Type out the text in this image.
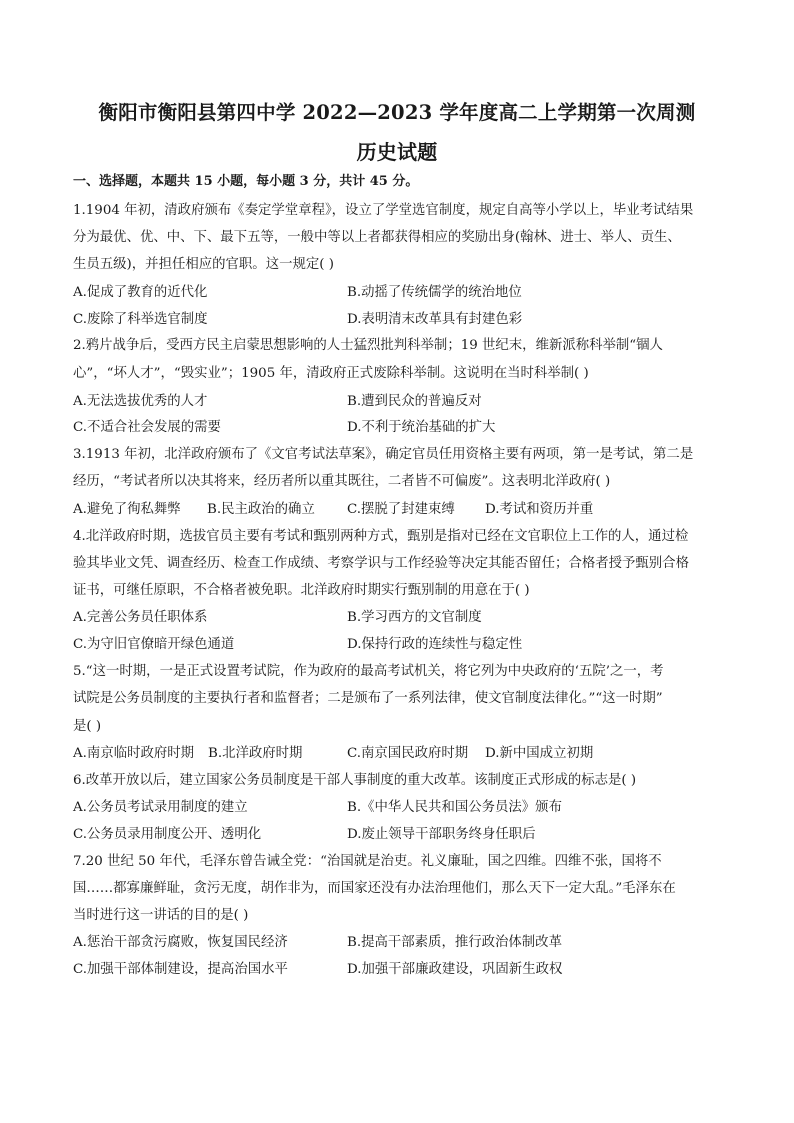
衡阳市衡阳县第四中学 2022—2023 学年度高二上学期第一次周测
历史试题
一、选择题，本题共 15 小题，每小题 3 分，共计 45 分。
1.1904 年初，清政府颁布《奏定学堂章程》，设立了学堂选官制度，规定自高等小学以上，毕业考试结果
分为最优、优、中、下、最下五等，一般中等以上者都获得相应的奖励出身(翰林、进士、举人、贡生、
生员五级)，并担任相应的官职。这一规定( )
A.促成了教育的近代化	B.动摇了传统儒学的统治地位
C.废除了科举选官制度	D.表明清末改革具有封建色彩
2.鸦片战争后，受西方民主启蒙思想影响的人士猛烈批判科举制；19 世纪末，维新派称科举制“锢人
心”，“坏人才”，“毁实业”；1905 年，清政府正式废除科举制。这说明在当时科举制( )
A.无法选拔优秀的人才	B.遭到民众的普遍反对
C.不适合社会发展的需要	D.不利于统治基础的扩大
3.1913 年初，北洋政府颁布了《文官考试法草案》，确定官员任用资格主要有两项，第一是考试，第二是
经历，“考试者所以决其将来，经历者所以重其既往，二者皆不可偏废”。这表明北洋政府( )
A.避免了徇私舞弊 B.民主政治的确立 C.摆脱了封建束缚 D.考试和资历并重
4.北洋政府时期，选拔官员主要有考试和甄别两种方式，甄别是指对已经在文官职位上工作的人，通过检
验其毕业文凭、调查经历、检查工作成绩、考察学识与工作经验等决定其能否留任；合格者授予甄别合格
证书，可继任原职，不合格者被免职。北洋政府时期实行甄别制的用意在于( )
A.完善公务员任职体系	B.学习西方的文官制度
C.为守旧官僚暗开绿色通道	D.保持行政的连续性与稳定性
5.“这一时期，一是正式设置考试院，作为政府的最高考试机关，将它列为中央政府的‘五院’之一，考
试院是公务员制度的主要执行者和监督者；二是颁布了一系列法律，使文官制度法律化。”“这一时期”
是( )
A.南京临时政府时期 B.北洋政府时期	C.南京国民政府时期 D.新中国成立初期
6.改革开放以后，建立国家公务员制度是干部人事制度的重大改革。该制度正式形成的标志是( )
A.公务员考试录用制度的建立	B.《中华人民共和国公务员法》颁布
C.公务员录用制度公开、透明化	D.废止领导干部职务终身任职后
7.20 世纪 50 年代，毛泽东曾告诫全党：“治国就是治吏。礼义廉耻，国之四维。四维不张，国将不
国……都寡廉鲜耻，贪污无度，胡作非为，而国家还没有办法治理他们，那么天下一定大乱。”毛泽东在
当时进行这一讲话的目的是( )
A.惩治干部贪污腐败，恢复国民经济	B.提高干部素质，推行政治体制改革
C.加强干部体制建设，提高治国水平	D.加强干部廉政建设，巩固新生政权
